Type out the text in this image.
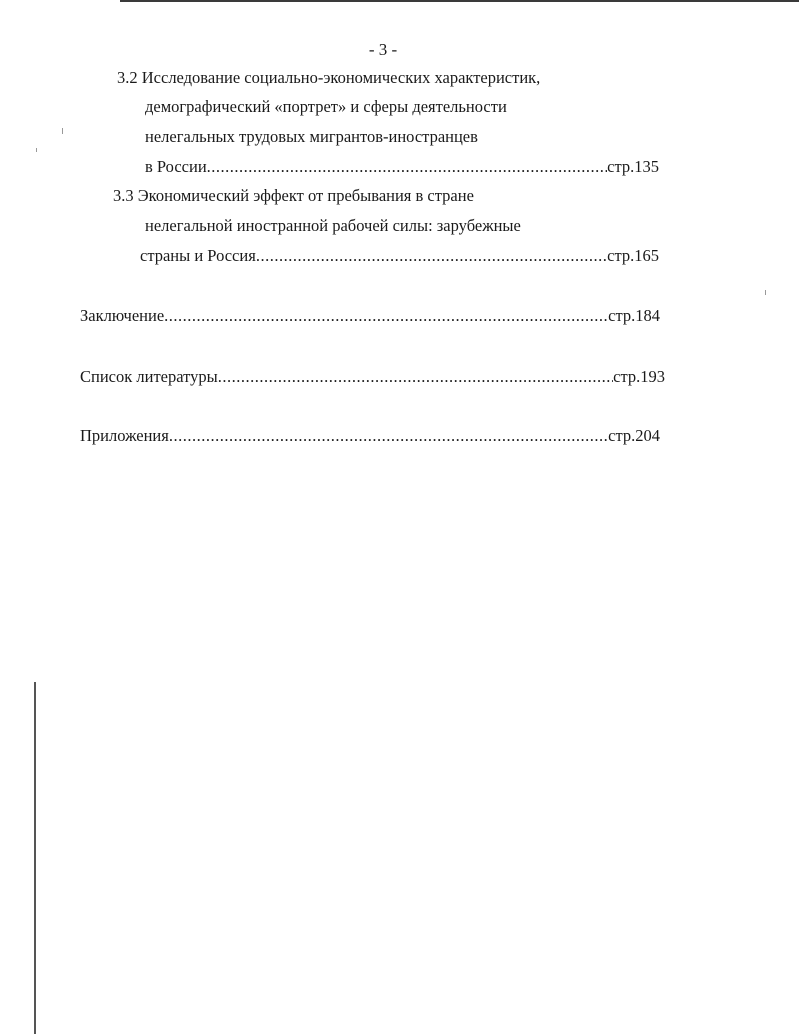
- 3 -
3.2 Исследование социально-экономических характеристик,
демографический «портрет» и сферы деятельности
нелегальных трудовых мигрантов-иностранцев
в России .....	стр.135
3.3 Экономический эффект от пребывания в стране
нелегальной иностранной рабочей силы: зарубежные
страны и Россия .....	стр.165
Заключение .....	стр.184
Список литературы .....	стр.193
Приложения .....	стр.204
